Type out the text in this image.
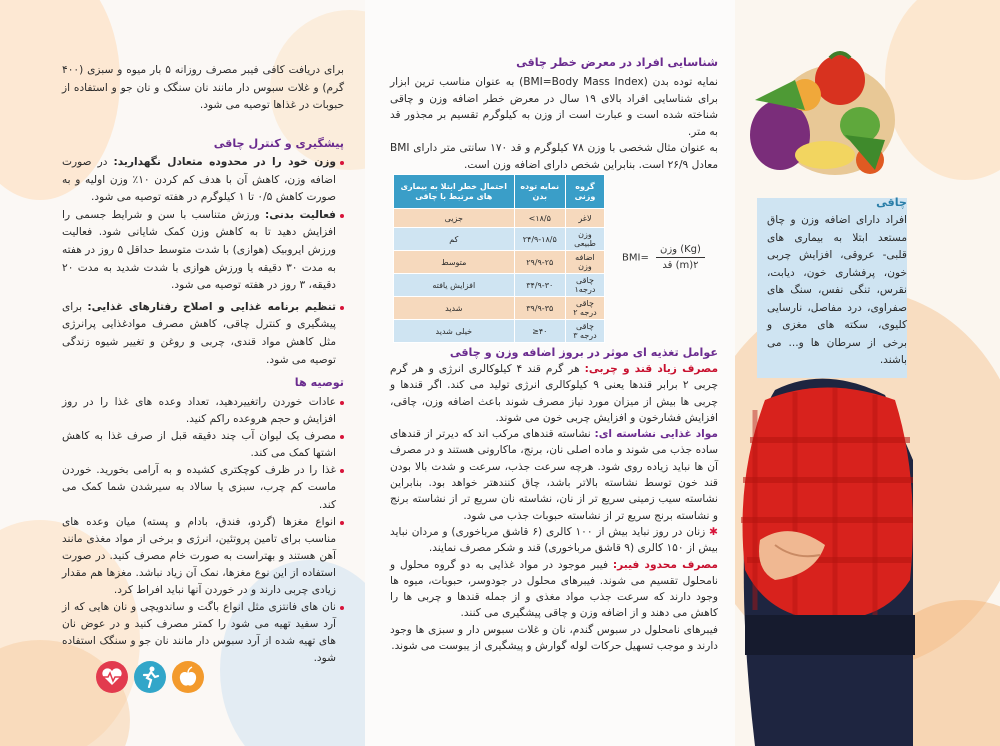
برای دریافت کافی فیبر مصرف روزانه ۵ بار میوه و سبزی (۴۰۰ گرم) و غلات سبوس دار مانند نان سنگک و نان جو و استفاده از حبوبات در غذاها توصیه می شود.
پیشگیری و کنترل چاقی
وزن خود را در محدوده متعادل نگهدارید: در صورت اضافه وزن، کاهش آن با هدف کم کردن ۱۰٪ وزن اولیه و به صورت کاهش ۰/۵ تا ۱ کیلوگرم در هفته توصیه می شود.
فعالیت بدنی: ورزش متناسب با سن و شرایط جسمی را افزایش دهید تا به کاهش وزن کمک شایانی شود. فعالیت ورزش ایروبیک (هوازی) با شدت متوسط حداقل ۵ روز در هفته به مدت ۳۰ دقیقه یا ورزش هوازی با شدت شدید به مدت ۲۰ دقیقه، ۳ روز در هفته توصیه می شود.
تنظیم برنامه غذایی و اصلاح رفتارهای غذایی: برای پیشگیری و کنترل چاقی، کاهش مصرف موادغذایی پرانرژی مثل کاهش مواد قندی، چربی و روغن و تغییر شیوه زندگی توصیه می شود.
توصیه ها
عادات خوردن راتغییردهید، تعداد وعده های غذا را در روز افزایش و حجم هروعده راکم کنید.
مصرف یک لیوان آب چند دقیقه قبل از صرف غذا به کاهش اشتها کمک می کند.
غذا را در ظرف کوچکتری کشیده و به آرامی بخورید. خوردن ماست کم چرب، سبزی یا سالاد به سیرشدن شما کمک می کند.
انواع مغزها (گردو، فندق، بادام و پسته) میان وعده های مناسب برای تامین پروتئین، انرژی و برخی از مواد مغذی مانند آهن هستند و بهتراست به صورت خام مصرف کنید. در صورت استفاده از این نوع مغزها، نمک آن زیاد نباشد. مغزها هم مقدار زیادی چربی دارند و در خوردن آنها نباید افراط کرد.
نان های فانتزی مثل انواع باگت و ساندویچی و نان هایی که از آرد سفید تهیه می شود را کمتر مصرف کنید و در عوض نان های تهیه شده از آرد سبوس دار مانند نان جو و سنگک استفاده شود.
شناسایی افراد در معرض خطر چاقی
نمایه توده بدن (BMI=Body Mass Index) به عنوان مناسب ترین ابزار برای شناسایی افراد بالای ۱۹ سال در معرض خطر اضافه وزن و چاقی شناخته شده است و عبارت است از وزن به کیلوگرم تقسیم بر مجذور قد به متر.
به عنوان مثال شخصی با وزن ۷۸ کیلوگرم و قد ۱۷۰ سانتی متر دارای BMI معادل ۲۶/۹ است. بنابراین شخص دارای اضافه وزن است.
گروه وزنی	نمایه توده بدن	احتمال خطر ابتلا به بیماری های مرتبط با چاقی
لاغر	۱۸/۵>	جزیی
وزن طبیعی	۲۴/۹-۱۸/۵	کم
اضافه وزن	۲۹/۹-۲۵	متوسط
چاقی درجه۱	۳۴/۹-۳۰	افزایش یافته
چاقی درجه ۲	۳۹/۹-۳۵	شدید
چاقی درجه ۳	۴۰≤	خیلی شدید
$BMI= \frac{\text{وزن (Kg)}}{\text{قد (m)۲}}$
عوامل تغذیه ای موثر در بروز اضافه وزن و چاقی
مصرف زیاد قند و چربی: هر گرم قند ۴ کیلوکالری انرژی و هر گرم چربی ۲ برابر قندها یعنی ۹ کیلوکالری انرژی تولید می کند. اگر قندها و چربی ها بیش از میزان مورد نیاز مصرف شوند باعث اضافه وزن، چاقی، افزایش فشارخون و افزایش چربی خون می شوند.
مواد غذایی نشاسته ای: نشاسته قندهای مرکب اند که دیرتر از قندهای ساده جذب می شوند و ماده اصلی نان، برنج، ماکارونی هستند و در مصرف آن ها نباید زیاده روی شود. هرچه سرعت جذب، سرعت و شدت بالا بودن قند خون توسط نشاسته بالاتر باشد، چاق کنندهتر خواهد بود. بنابراین نشاسته سیب زمینی سریع تر از نان، نشاسته نان سریع تر از نشاسته برنج و نشاسته برنج سریع تر از نشاسته حبوبات جذب می شود.
✱ زنان در روز نباید بیش از ۱۰۰ کالری (۶ قاشق مرباخوری) و مردان نباید بیش از ۱۵۰ کالری (۹ قاشق مرباخوری) قند و شکر مصرف نمایند.
مصرف محدود فیبر: فیبر موجود در مواد غذایی به دو گروه محلول و نامحلول تقسیم می شوند. فیبرهای محلول در جودوسر، حبوبات، میوه ها وجود دارند که سرعت جذب مواد مغذی و از جمله قندها و چربی ها را کاهش می دهند و از اضافه وزن و چاقی پیشگیری می کنند.
فیبرهای نامحلول در سبوس گندم، نان و غلات سبوس دار و سبزی ها وجود دارند و موجب تسهیل حرکات لوله گوارش و پیشگیری از یبوست می شوند.
چاقی
افراد دارای اضافه وزن و چاق مستعد ابتلا به بیماری های قلبی- عروقی، افزایش چربی خون، پرفشاری خون، دیابت، نقرس، تنگی نفس، سنگ های صفراوی، درد مفاصل، نارسایی کلیوی، سکته های مغزی و برخی از سرطان ها و... می باشند.
